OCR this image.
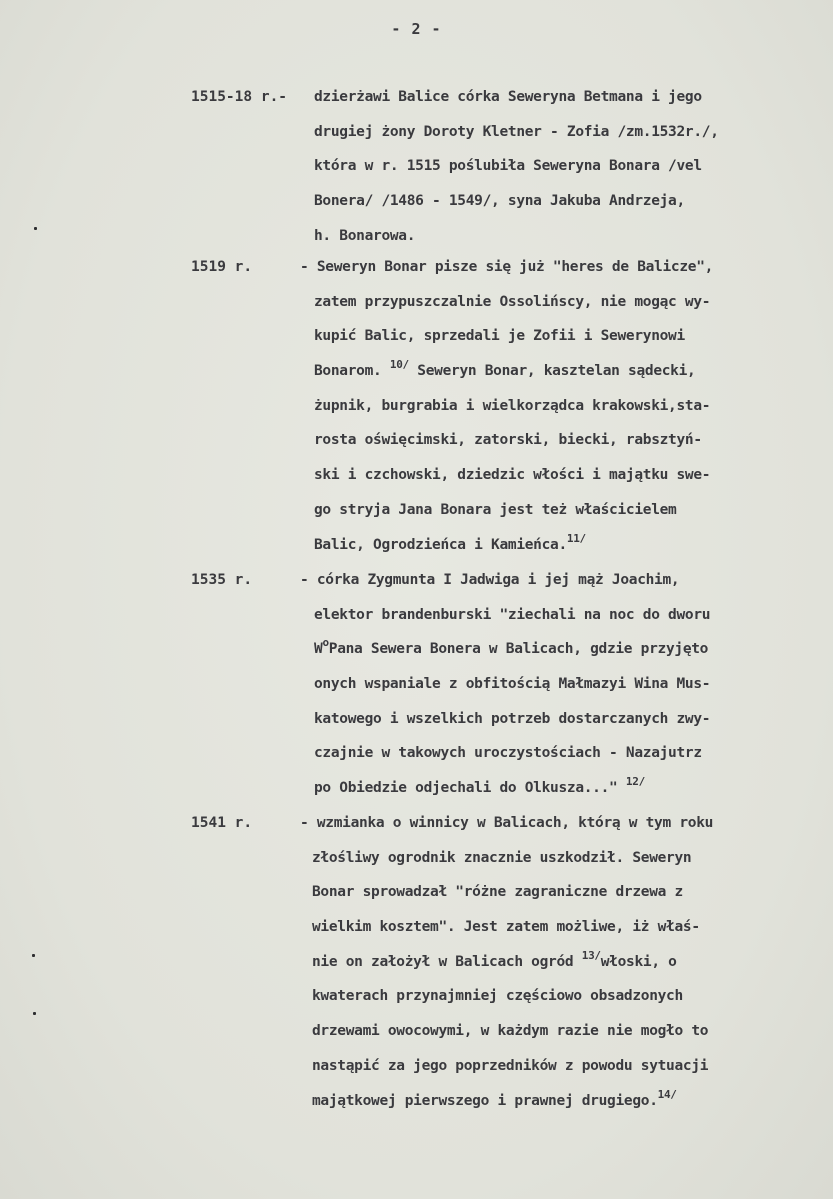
- 2 -
1515-18 r.- dzierżawi Balice córka Seweryna Betmana i jego
drugiej żony Doroty Kletner - Zofia /zm.1532r./,
która w r. 1515 poślubiła Seweryna Bonara /vel
Bonera/ /1486 - 1549/, syna Jakuba Andrzeja,
h. Bonarowa.
1519 r.	- Seweryn Bonar pisze się już "heres de Balicze",
zatem przypuszczalnie Ossolińscy, nie mogąc wy-
kupić Balic, sprzedali je Zofii i Sewerynowi
Bonarom. $^{10/}$ Seweryn Bonar, kasztelan sądecki,
żupnik, burgrabia i wielkorządca krakowski,sta-
rosta oświęcimski, zatorski, biecki, rabsztyń-
ski i czchowski, dziedzic włości i majątku swe-
go stryja Jana Bonara jest też właścicielem
Balic, Ogrodzieńca i Kamieńca.$^{11/}$
1535 r.	- córka Zygmunta I Jadwiga i jej mąż Joachim,
elektor brandenburski "ziechali na noc do dworu
$W^oPana$ Sewera Bonera w Balicach, gdzie przyjęto
onych wspaniale z obfitością Małmazyi Wina Mus-
katowego i wszelkich potrzeb dostarczanych zwy-
czajnie w takowych uroczystościach - Nazajutrz
po Obiedzie odjechali do Olkusza..." $^{12/}$
1541 r.	- wzmianka o winnicy w Balicach, którą w tym roku
złośliwy ogrodnik znacznie uszkodził. Seweryn
Bonar sprowadzał "różne zagraniczne drzewa z
wielkim kosztem". Jest zatem możliwe, iż właś-
nie on założył w Balicach ogród $^{13/}$włoski, o
kwaterach przynajmniej częściowo obsadzonych
drzewami owocowymi, w każdym razie nie mogło to
nastąpić za jego poprzedników z powodu sytuacji
majątkowej pierwszego i prawnej drugiego.$^{14/}$
